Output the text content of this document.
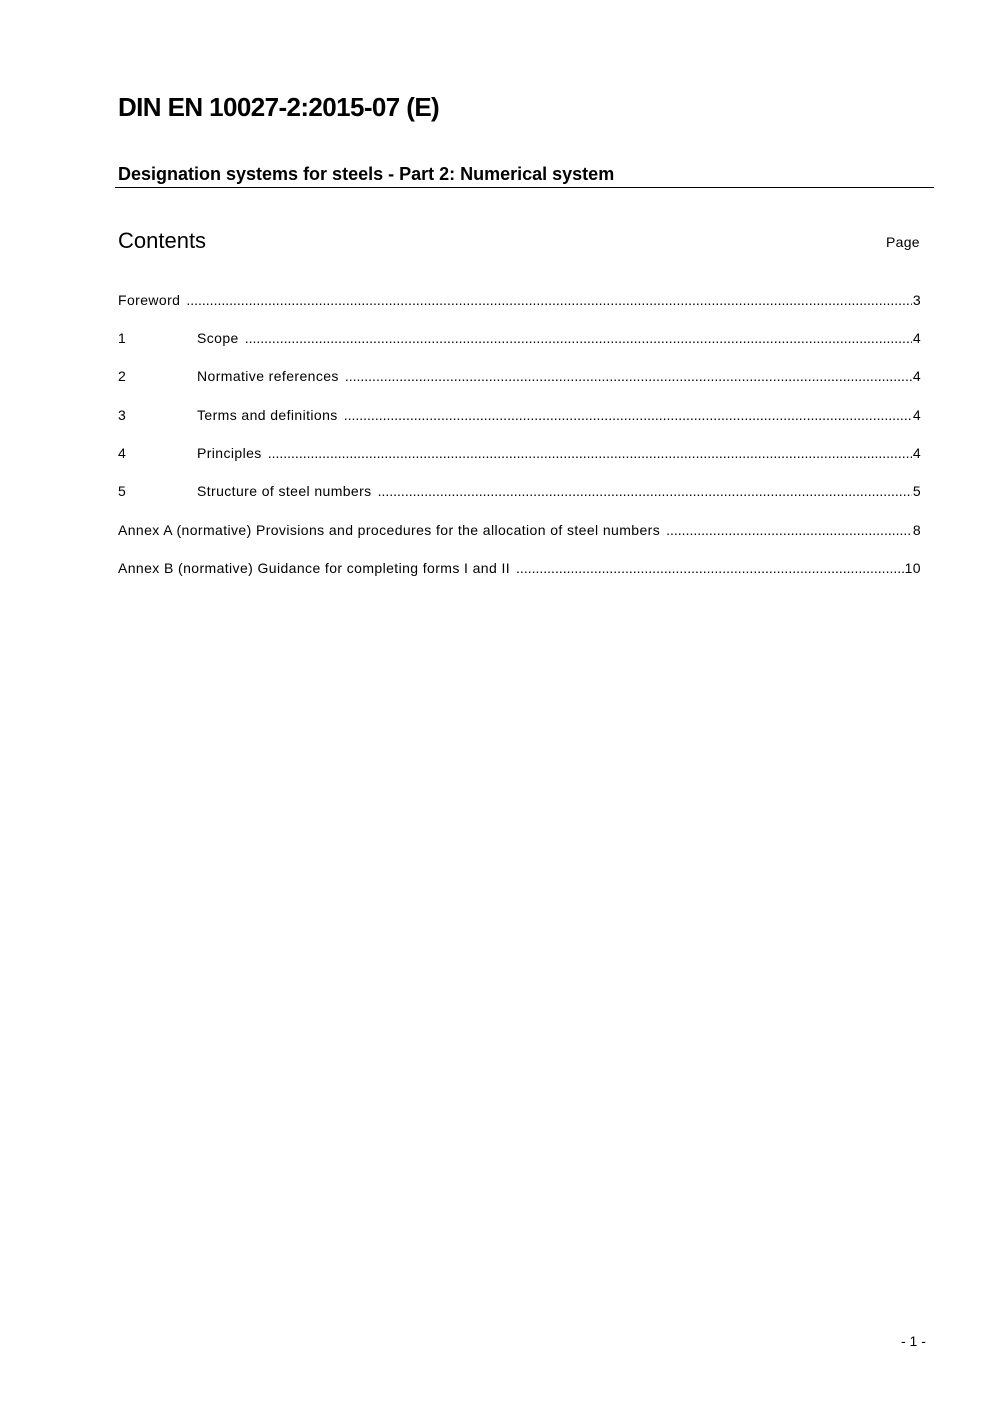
DIN EN 10027-2:2015-07 (E)
Designation systems for steels - Part 2: Numerical system
Contents	Page
Foreword .....	3
1	Scope .....	4
2	Normative references .....	4
3	Terms and definitions .....	4
4	Principles .....	4
5	Structure of steel numbers .....	5
Annex A (normative) Provisions and procedures for the allocation of steel numbers .....	8
Annex B (normative) Guidance for completing forms I and II .....	10
- 1 -
